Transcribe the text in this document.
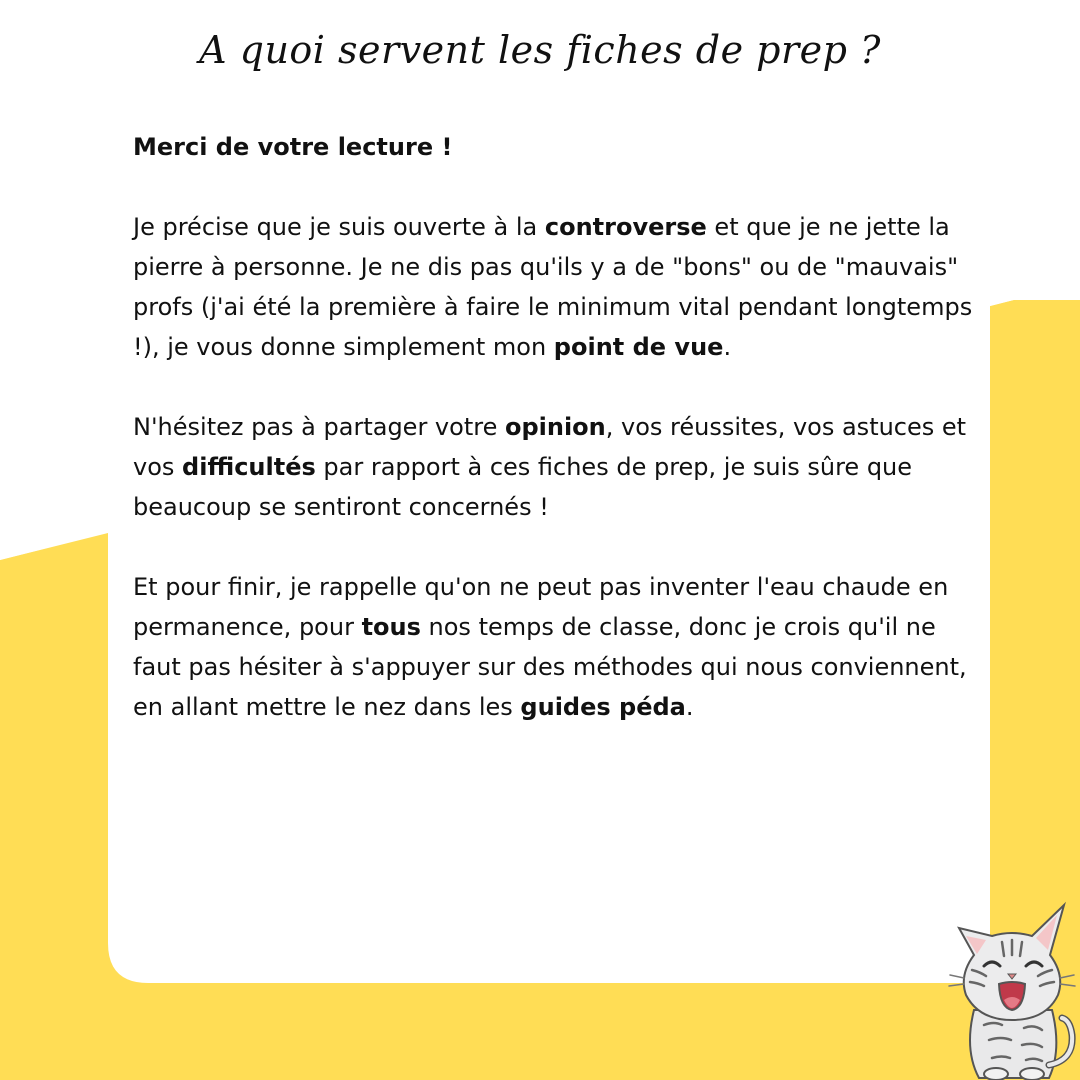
A quoi servent les fiches de prep ?

Merci de votre lecture !

Je précise que je suis ouverte à la controverse et que je ne jette la pierre à personne. Je ne dis pas qu'ils y a de "bons" ou de "mauvais" profs (j'ai été la première à faire le minimum vital pendant longtemps !), je vous donne simplement mon point de vue.

N'hésitez pas à partager votre opinion, vos réussites, vos astuces et vos difficultés par rapport à ces fiches de prep, je suis sûre que beaucoup se sentiront concernés !

Et pour finir, je rappelle qu'on ne peut pas inventer l'eau chaude en permanence, pour tous nos temps de classe, donc je crois qu'il ne faut pas hésiter à s'appuyer sur des méthodes qui nous conviennent, en allant mettre le nez dans les guides péda.
